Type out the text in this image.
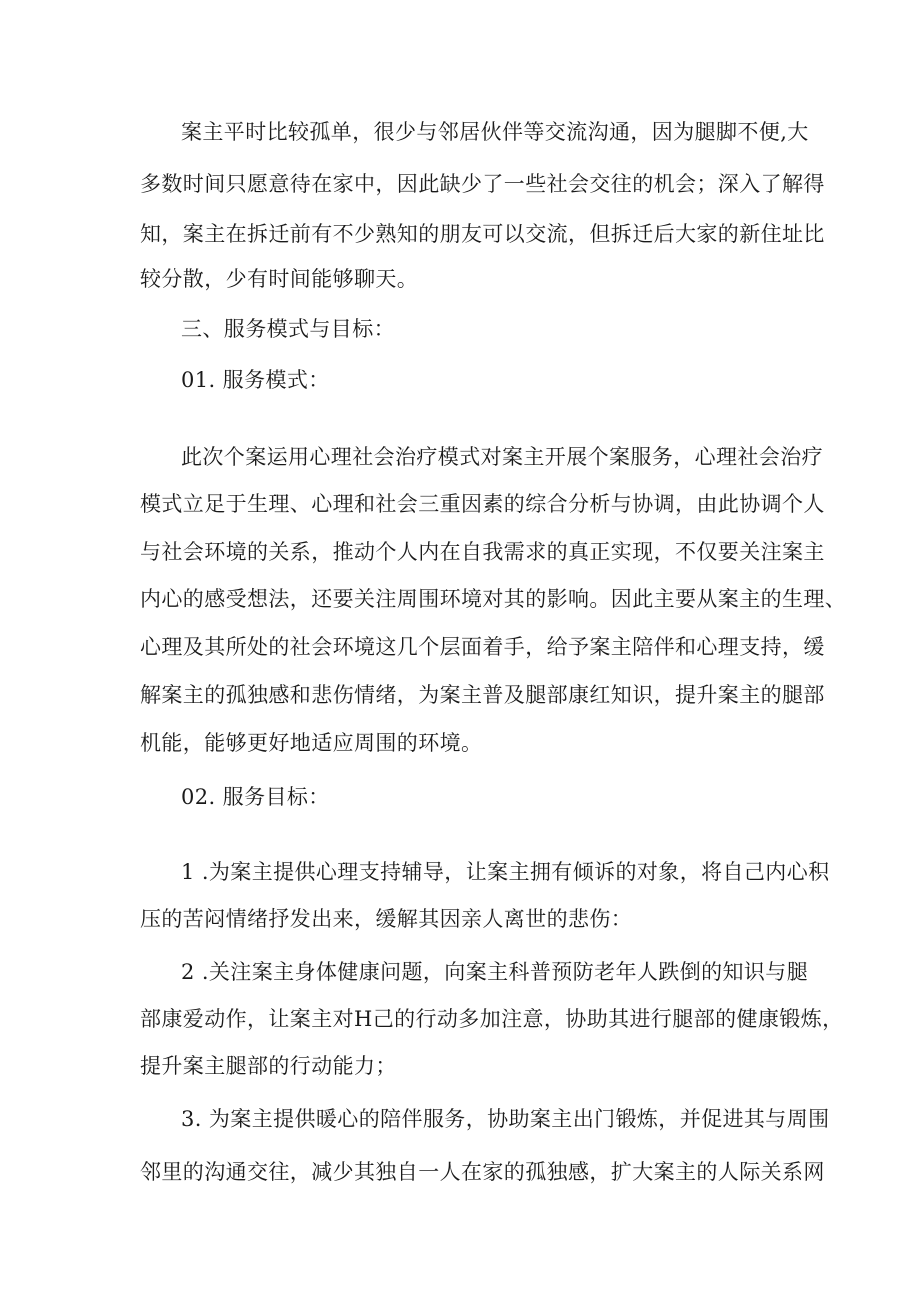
案主平时比较孤单，很少与邻居伙伴等交流沟通，因为腿脚不便,大
多数时间只愿意待在家中，因此缺少了一些社会交往的机会；深入了解得
知，案主在拆迁前有不少熟知的朋友可以交流，但拆迁后大家的新住址比
较分散，少有时间能够聊天。
三、服务模式与目标：
01. 服务模式：
此次个案运用心理社会治疗模式对案主开展个案服务，心理社会治疗
模式立足于生理、心理和社会三重因素的综合分析与协调，由此协调个人
与社会环境的关系，推动个人内在自我需求的真正实现，不仅要关注案主
内心的感受想法，还要关注周围环境对其的影响。因此主要从案主的生理、
心理及其所处的社会环境这几个层面着手，给予案主陪伴和心理支持，缓
解案主的孤独感和悲伤情绪，为案主普及腿部康红知识，提升案主的腿部
机能，能够更好地适应周围的环境。
02. 服务目标：
1 .为案主提供心理支持辅导，让案主拥有倾诉的对象，将自己内心积
压的苦闷情绪抒发出来，缓解其因亲人离世的悲伤：
2 .关注案主身体健康问题，向案主科普预防老年人跌倒的知识与腿
部康爱动作，让案主对H己的行动多加注意，协助其进行腿部的健康锻炼，
提升案主腿部的行动能力；
3. 为案主提供暖心的陪伴服务，协助案主出门锻炼，并促进其与周围
邻里的沟通交往，减少其独自一人在家的孤独感，扩大案主的人际关系网
